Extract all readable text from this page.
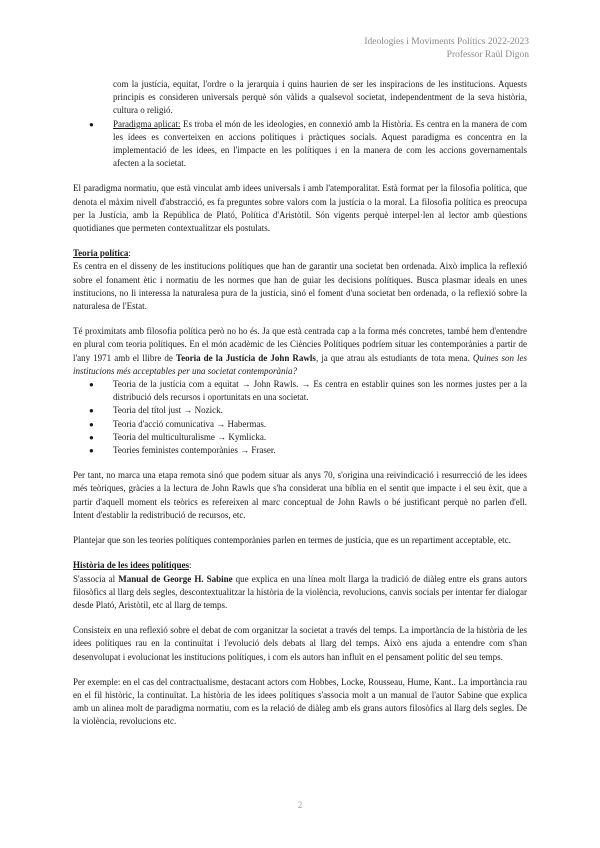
Ideologies i Moviments Polítics 2022-2023
Professor Raül Digon

com la justícia, equitat, l'ordre o la jerarquia i quins haurien de ser les inspiracions de les institucions. Aquests principis es consideren universals perquè són vàlids a qualsevol societat, independentment de la seva història, cultura o religió.

● Paradigma aplicat: Es troba el món de les ideologies, en connexió amb la Història. Es centra en la manera de com les idees es converteixen en accions polítiques i pràctiques socials. Aquest paradigma es concentra en la implementació de les idees, en l'impacte en les polítiques i en la manera de com les accions governamentals afecten a la societat.

El paradigma normatiu, que està vinculat amb idees universals i amb l'atemporalitat. Està format per la filosofia política, que denota el màxim nivell d'abstracció, es fa preguntes sobre valors com la justícia o la moral. La filosofia política es preocupa per la Justícia, amb la República de Plató, Política d'Aristòtil. Són vigents perquè interpel·len al lector amb qüestions quotidianes que permeten contextualitzar els postulats.

Teoria política:

Es centra en el disseny de les institucions polítiques que han de garantir una societat ben ordenada. Això implica la reflexió sobre el fonament ètic i normatiu de les normes que han de guiar les decisions polítiques. Busca plasmar ideals en unes institucions, no li interessa la naturalesa pura de la justícia, sinó el foment d'una societat ben ordenada, o la reflexió sobre la naturalesa de l'Estat.

Té proximitats amb filosofia política però no ho és. Ja que està centrada cap a la forma més concretes, també hem d'entendre en plural com teoria polítiques. En el món acadèmic de les Ciències Polítiques podríem situar les contemporànies a partir de l'any 1971 amb el llibre de Teoria de la Justícia de John Rawls, ja que atrau als estudiants de tota mena. Quines son les institucions més acceptables per una societat contemporània?

● Teoria de la justícia com a equitat → John Rawls. → Es centra en establir quines son les normes justes per a la distribució dels recursos i oportunitats en una societat.
● Teoria del títol just → Nozick.
● Teoria d'acció comunicativa → Habermas.
● Teoria del multiculturalisme → Kymlicka.
● Teories feministes contemporànies → Fraser.

Per tant, no marca una etapa remota sinó que podem situar als anys 70, s'origina una reivindicació i resurrecció de les idees més teòriques, gràcies a la lectura de John Rawls que s'ha considerat una bíblia en el sentit que impacte i el seu èxit, que a partir d'aquell moment els teòrics es refereixen al marc conceptual de John Rawls o bé justificant perquè no parlen d'ell. Intent d'establir la redistribució de recursos, etc.

Plantejar que son les teories polítiques contemporànies parlen en termes de justícia, que es un repartiment acceptable, etc.

Història de les idees polítiques:

S'associa al Manual de George H. Sabine que explica en una línea molt llarga la tradició de diàleg entre els grans autors filosòfics al llarg dels segles, descontextualitzar la història de la violència, revolucions, canvis socials per intentar fer dialogar desde Plató, Aristòtil, etc al llarg de temps.

Consisteix en una reflexió sobre el debat de com organitzar la societat a través del temps. La importància de la història de les idees polítiques rau en la continuïtat i l'evolució dels debats al llarg del temps. Això ens ajuda a entendre com s'han desenvolupat i evolucionat les institucions polítiques, i com els autors han influït en el pensament polític del seu temps.

Per exemple: en el cas del contractualisme, destacant actors com Hobbes, Locke, Rousseau, Hume, Kant.. La importància rau en el fil històric, la continuïtat. La història de les idees polítiques s'associa molt a un manual de l'autor Sabine que explica amb un alinea molt de paradigma normatiu, com es la relació de diàleg amb els grans autors filosòfics al llarg dels segles. De la violència, revolucions etc.

2
